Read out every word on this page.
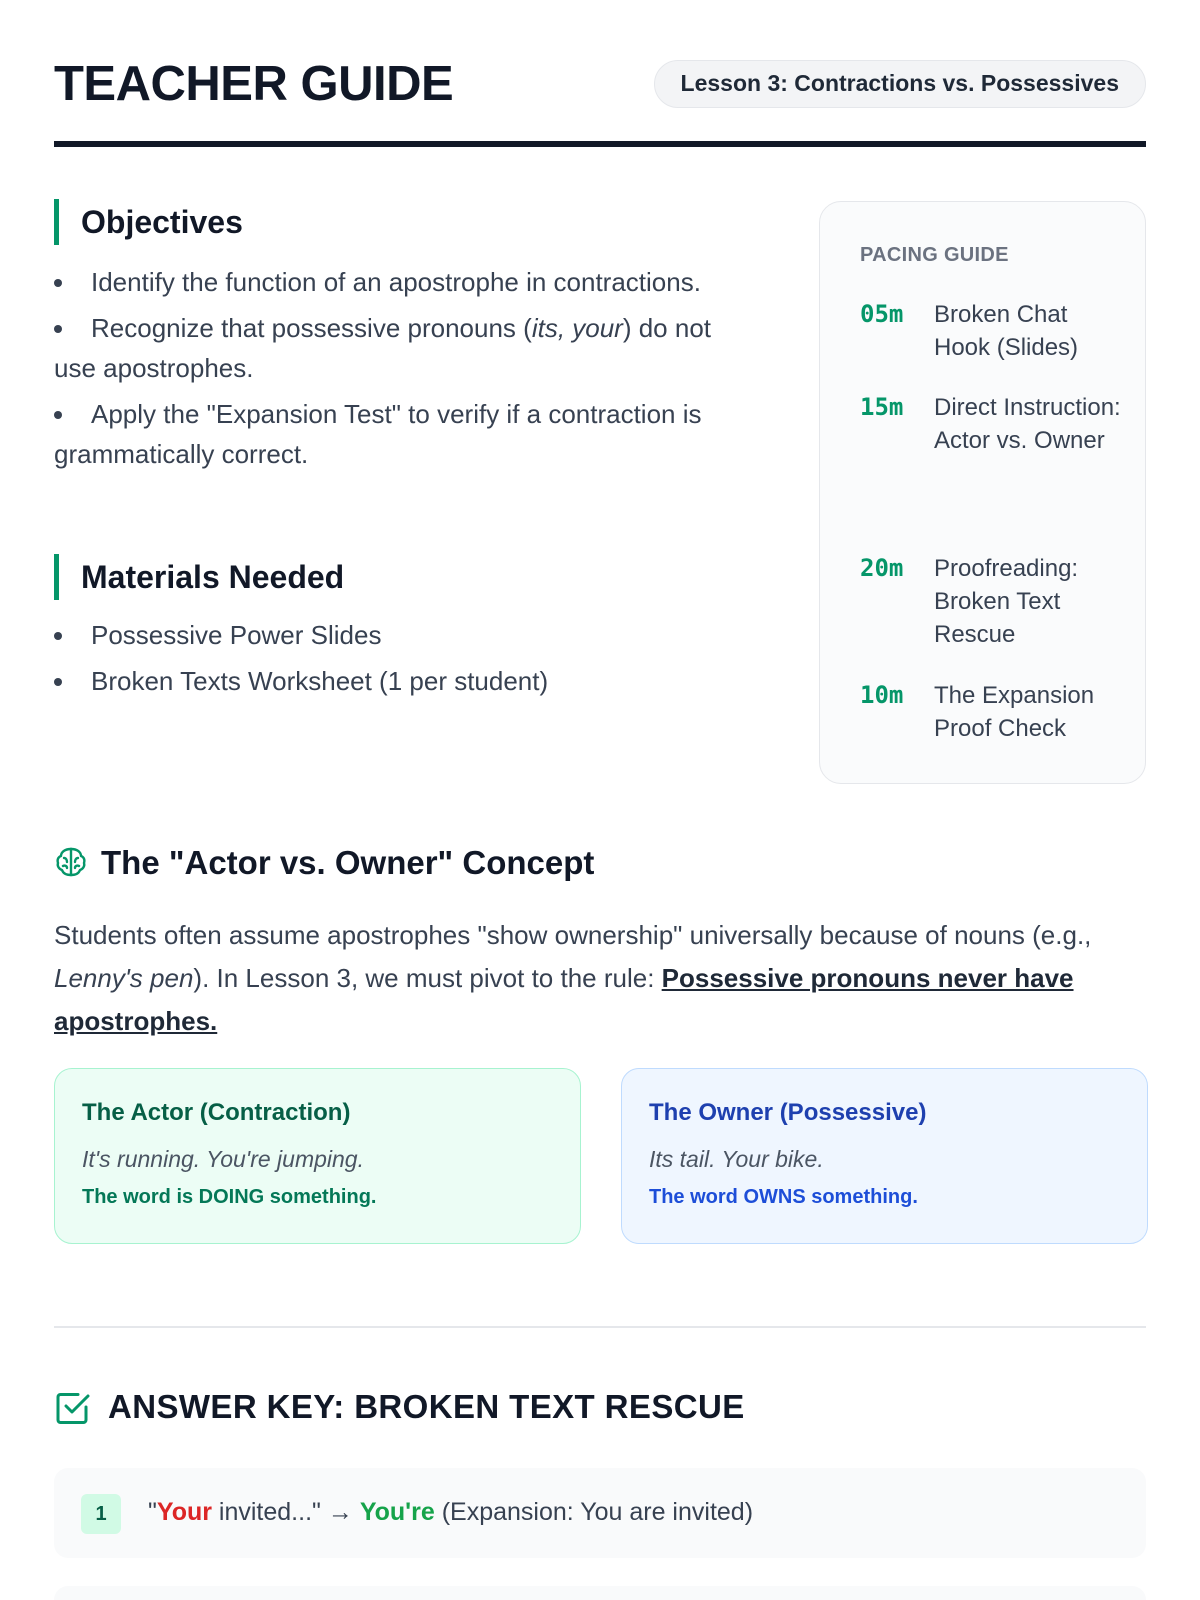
TEACHER GUIDE	Lesson 3: Contractions vs. Possessives
Objectives
Identify the function of an apostrophe in contractions.
Recognize that possessive pronouns (its, your) do not use apostrophes.
Apply the "Expansion Test" to verify if a contraction is grammatically correct.
Materials Needed
Possessive Power Slides
Broken Texts Worksheet (1 per student)
PACING GUIDE
05m Broken Chat Hook (Slides)
15m Direct Instruction: Actor vs. Owner
20m Proofreading: Broken Text Rescue
10m The Expansion Proof Check
The "Actor vs. Owner" Concept
Students often assume apostrophes "show ownership" universally because of nouns (e.g., Lenny's pen). In Lesson 3, we must pivot to the rule: Possessive pronouns never have apostrophes.
The Actor (Contraction)
It's running. You're jumping.
The word is DOING something.
The Owner (Possessive)
Its tail. Your bike.
The word OWNS something.
ANSWER KEY: BROKEN TEXT RESCUE
1	"Your invited..." → You're (Expansion: You are invited)
